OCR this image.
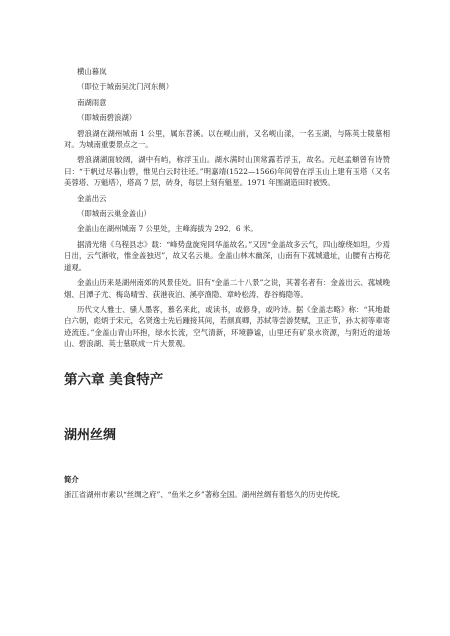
横山暮岚

（即位于城南吴沈门河东侧）

南湖雨意

（即城南碧浪湖）

碧浪湖在湖州城南 1 公里，属东苕溪。以在岘山前，又名岘山漾，一名玉湖，与陈英士陵墓相对。为城南重要景点之一。

碧浪湖湖面较阔，湖中有屿，称浮玉山。湖水满时山顶常露若浮玉，故名。元赵孟頫曾有诗赞曰：“干帆过尽暮山碧，惟见白云时往还。”明嘉靖(1522—1566)年间曾在浮玉山上建有玉塔（又名美蓉塔、万魁塔），塔高 7 层，砖身，每层上刻有魁星。1971 年围湖造田时被毁。

金盖出云

（即城南云巢金盖山）

金盖山在湖州城南 7 公里处，主峰海拔为 292．6 米。

据清光绪《乌程县志》载：“峰势盘旋宛同华盖故名。”又因“金盖故多云气，四山缭绕如坦，少焉日出，云气渐收，惟金盖独迟”，故又名云巢。金盖山林木幽深，山南有下菰城遗址，山腰有古梅花道观。

金盖山历来是湖州南郊的风景佳处。旧有“金盖二十八景”之说，其著名者有：金盖出云、菰城晚烟、吕潭子尤、梅岛晴雪、荻港夜泊、溪亭渔隐、章岭松涛、春谷梅隐等。

历代文人雅士、骚人墨客，慕名来此，或读书，或修身，或吟诗。据《金盖志略》称：“其地最白六朝，彪炳于宋元，名贤逸士先后踵接其间，若颜真卿，苏轼等尝游焚赋，卫正节，孙太初等辈寄迹流连。”金盖山青山环抱，绿水长流，空气清新，环境静谧，山里还有矿泉水资源，与附近的道场山、碧浪湖、英士墓联成一片大景观。

第六章 美食特产
湖州丝绸
简介

浙江省湖州市素以“丝绸之府”、“鱼米之乡”著称全国。湖州丝绸有着悠久的历史传统,
